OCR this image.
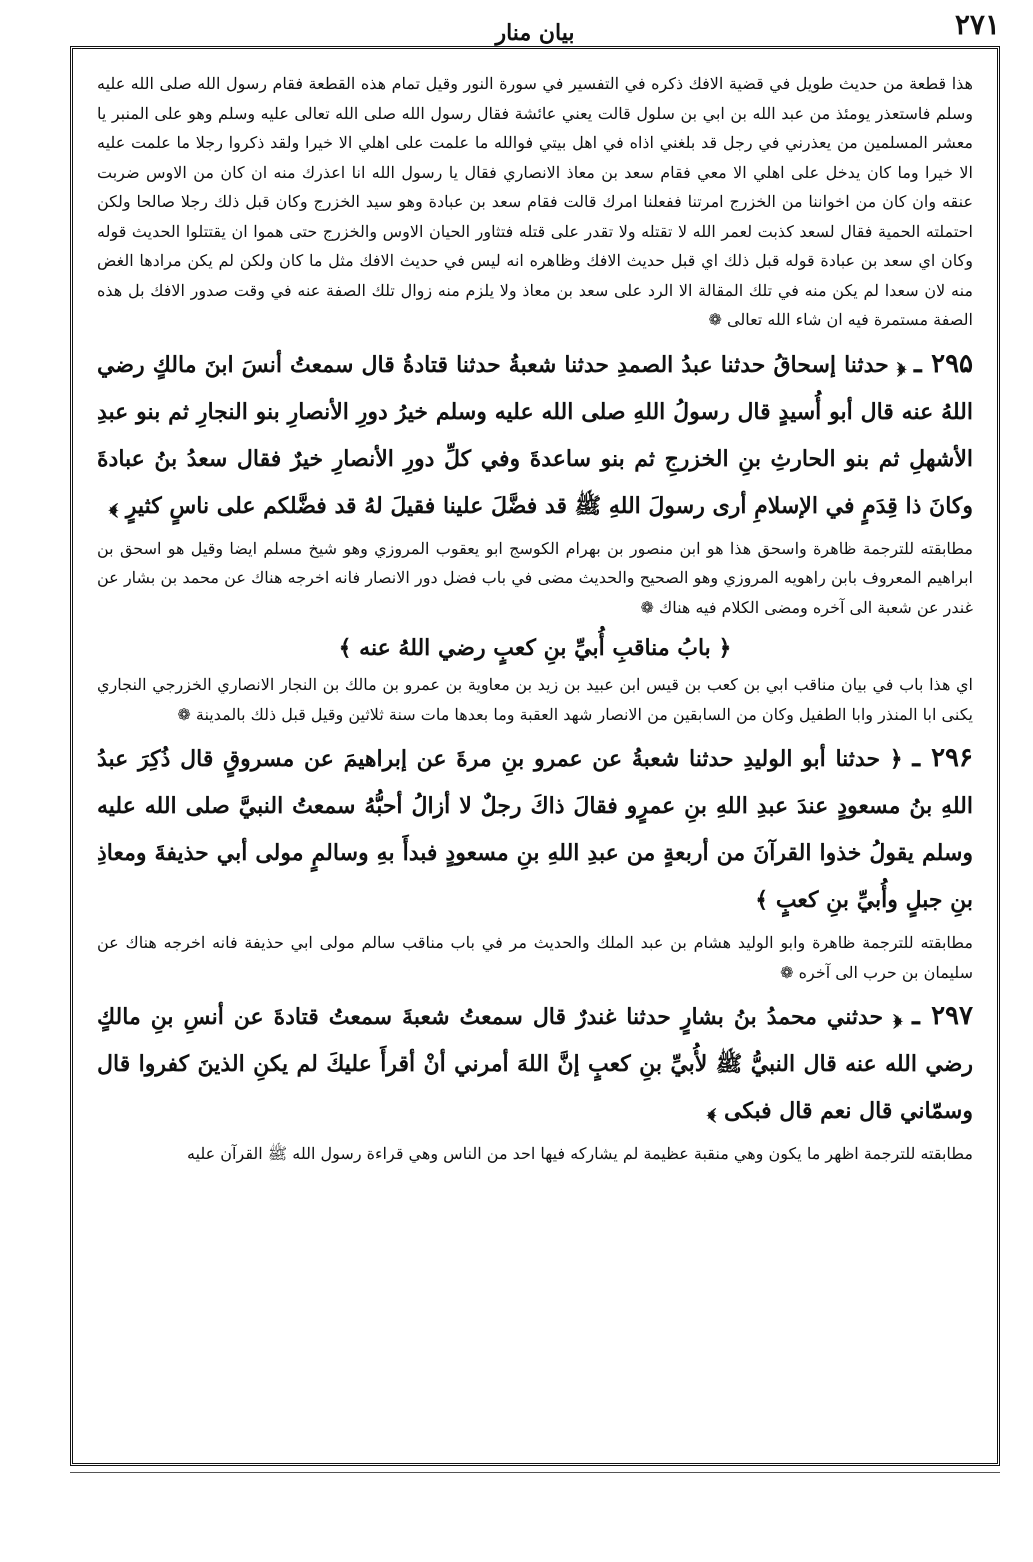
۲۷۱
بیان منار

هذا قطعة من حديث طويل في قضية الافك ذكره في التفسير في سورة النور وقيل تمام هذه القطعة فقام رسول الله صلى الله عليه وسلم فاستعذر يومئذ من عبد الله بن ابي بن سلول قالت يعني عائشة فقال رسول الله صلى الله تعالى عليه وسلم وهو على المنبر يا معشر المسلمين من يعذرني في رجل قد بلغني اذاه في اهل بيتي فوالله ما علمت على اهلي الا خيرا ولقد ذكروا رجلا ما علمت عليه الا خيرا وما كان يدخل على اهلي الا معي فقام سعد بن معاذ الانصاري فقال يا رسول الله انا اعذرك منه ان كان من الاوس ضربت عنقه وان كان من اخواننا من الخزرج امرتنا ففعلنا امرك قالت فقام سعد بن عبادة وهو سيد الخزرج وكان قبل ذلك رجلا صالحا ولكن احتملته الحمية فقال لسعد كذبت لعمر الله لا تقتله ولا تقدر على قتله فتثاور الحيان الاوس والخزرج حتى هموا ان يقتتلوا الحديث قوله وكان اي سعد بن عبادة قوله قبل ذلك اي قبل حديث الافك وظاهره انه ليس في حديث الافك مثل ما كان ولكن لم يكن مرادها الغض منه لان سعدا لم يكن منه في تلك المقالة الا الرد على سعد بن معاذ ولا يلزم منه زوال تلك الصفة عنه في وقت صدور الافك بل هذه الصفة مستمرة فيه ان شاء الله تعالى ❁

۲۹۵ ـ ﴿ حدثنا إسحاقُ حدثنا عبدُ الصمدِ حدثنا شعبةُ حدثنا قتادةُ قال سمعتُ أنسَ ابنَ مالكٍ رضي اللهُ عنه قال أبو أُسيدٍ قال رسولُ اللهِ صلى الله عليه وسلم خيرُ دورِ الأنصارِ بنو النجارِ ثم بنو عبدِ الأشهلِ ثم بنو الحارثِ بنِ الخزرجِ ثم بنو ساعدةَ وفي كلِّ دورِ الأنصارِ خيرٌ فقال سعدُ بنُ عبادةَ وكانَ ذا قِدَمٍ في الإسلامِ أرى رسولَ اللهِ ﷺ قد فضَّلَ علينا فقيلَ لهُ قد فضَّلكم على ناسٍ كثيرٍ ﴾

مطابقته للترجمة ظاهرة واسحق هذا هو ابن منصور بن بهرام الكوسج ابو يعقوب المروزي وهو شيخ مسلم ايضا وقيل هو اسحق بن ابراهيم المعروف بابن راهويه المروزي وهو الصحيح والحديث مضى في باب فضل دور الانصار فانه اخرجه هناك عن محمد بن بشار عن غندر عن شعبة الى آخره ومضى الكلام فيه هناك ❁

﴿ بابُ مناقبِ أُبيِّ بنِ كعبٍ رضي اللهُ عنه ﴾

اي هذا باب في بيان مناقب ابي بن كعب بن قيس ابن عبيد بن زيد بن معاوية بن عمرو بن مالك بن النجار الانصاري الخزرجي النجاري يكنى ابا المنذر وابا الطفيل وكان من السابقين من الانصار شهد العقبة وما بعدها مات سنة ثلاثين وقيل قبل ذلك بالمدينة ❁

۲۹۶ ـ ﴿ حدثنا أبو الوليدِ حدثنا شعبةُ عن عمرو بنِ مرةَ عن إبراهيمَ عن مسروقٍ قال ذُكِرَ عبدُ اللهِ بنُ مسعودٍ عندَ عبدِ اللهِ بنِ عمرٍو فقالَ ذاكَ رجلٌ لا أزالُ أحبُّهُ سمعتُ النبيَّ صلى الله عليه وسلم يقولُ خذوا القرآنَ من أربعةٍ من عبدِ اللهِ بنِ مسعودٍ فبدأَ بهِ وسالمٍ مولى أبي حذيفةَ ومعاذِ بنِ جبلٍ وأُبيِّ بنِ كعبٍ ﴾

مطابقته للترجمة ظاهرة وابو الوليد هشام بن عبد الملك والحديث مر في باب مناقب سالم مولى ابي حذيفة فانه اخرجه هناك عن سليمان بن حرب الى آخره ❁

۲۹۷ ـ ﴿ حدثني محمدُ بنُ بشارٍ حدثنا غندرٌ قال سمعتُ شعبةَ سمعتُ قتادةَ عن أنسِ بنِ مالكٍ رضي الله عنه قال النبيُّ ﷺ لأُبيِّ بنِ كعبٍ إنَّ اللهَ أمرني أنْ أقرأَ عليكَ لم يكنِ الذينَ كفروا قال وسمّاني قال نعم قال فبكى ﴾

مطابقته للترجمة اظهر ما يكون وهي منقبة عظيمة لم يشاركه فيها احد من الناس وهي قراءة رسول الله ﷺ القرآن عليه
